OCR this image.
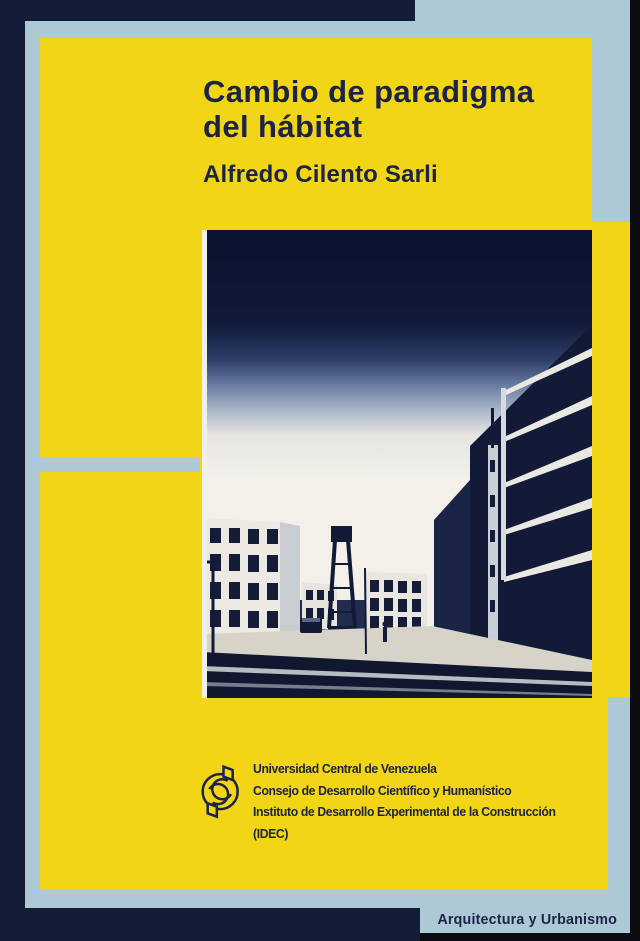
Cambio de paradigma
del hábitat
Alfredo Cilento Sarli
Universidad Central de Venezuela
Consejo de Desarrollo Científico y Humanístico
Instituto de Desarrollo Experimental de la Construcción
(IDEC)
Arquitectura y Urbanismo
